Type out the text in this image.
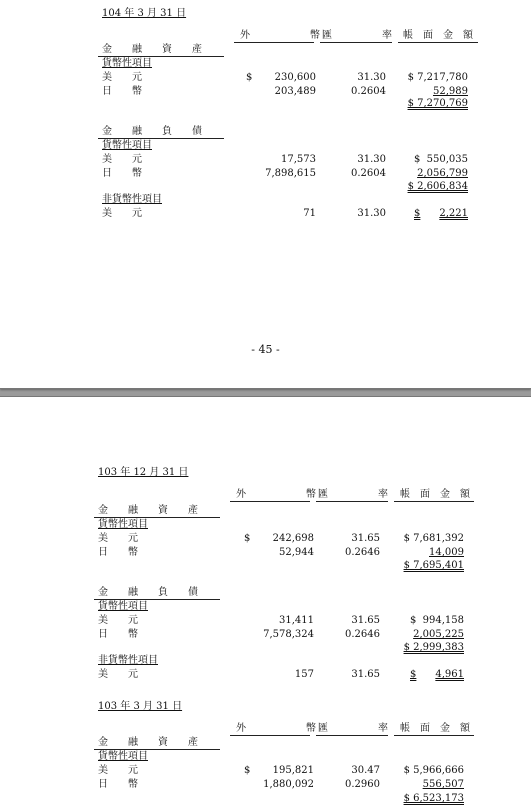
104 年 3 月 31 日
外　　　　　　幣 匯　　　　　率 帳　面　金　額
金　　融　　資　　產
貨幣性項目
美　　元	$	230,600	31.30	$ 7,217,780
日　　幣	203,489	0.2604	52,989
$ 7,270,769
金　　融　　負　　債
貨幣性項目
美　　元	17,573	31.30	$ 550,035
日　　幣	7,898,615	0.2604	2,056,799
$ 2,606,834
非貨幣性項目
美　　元	71	31.30	$	2,221
- 45 -
103 年 12 月 31 日
外　　　　　　幣 匯　　　　　率 帳　面　金　額
金　　融　　資　　產
貨幣性項目
美　　元	$	242,698	31.65	$ 7,681,392
日　　幣	52,944	0.2646	14,009
$ 7,695,401
金　　融　　負　　債
貨幣性項目
美　　元	31,411	31.65	$ 994,158
日　　幣	7,578,324	0.2646	2,005,225
$ 2,999,383
非貨幣性項目
美　　元	157	31.65	$	4,961
103 年 3 月 31 日
外　　　　　　幣 匯　　　　　率 帳　面　金　額
金　　融　　資　　產
貨幣性項目
美　　元	$	195,821	30.47	$ 5,966,666
日　　幣	1,880,092	0.2960	556,507
$ 6,523,173
